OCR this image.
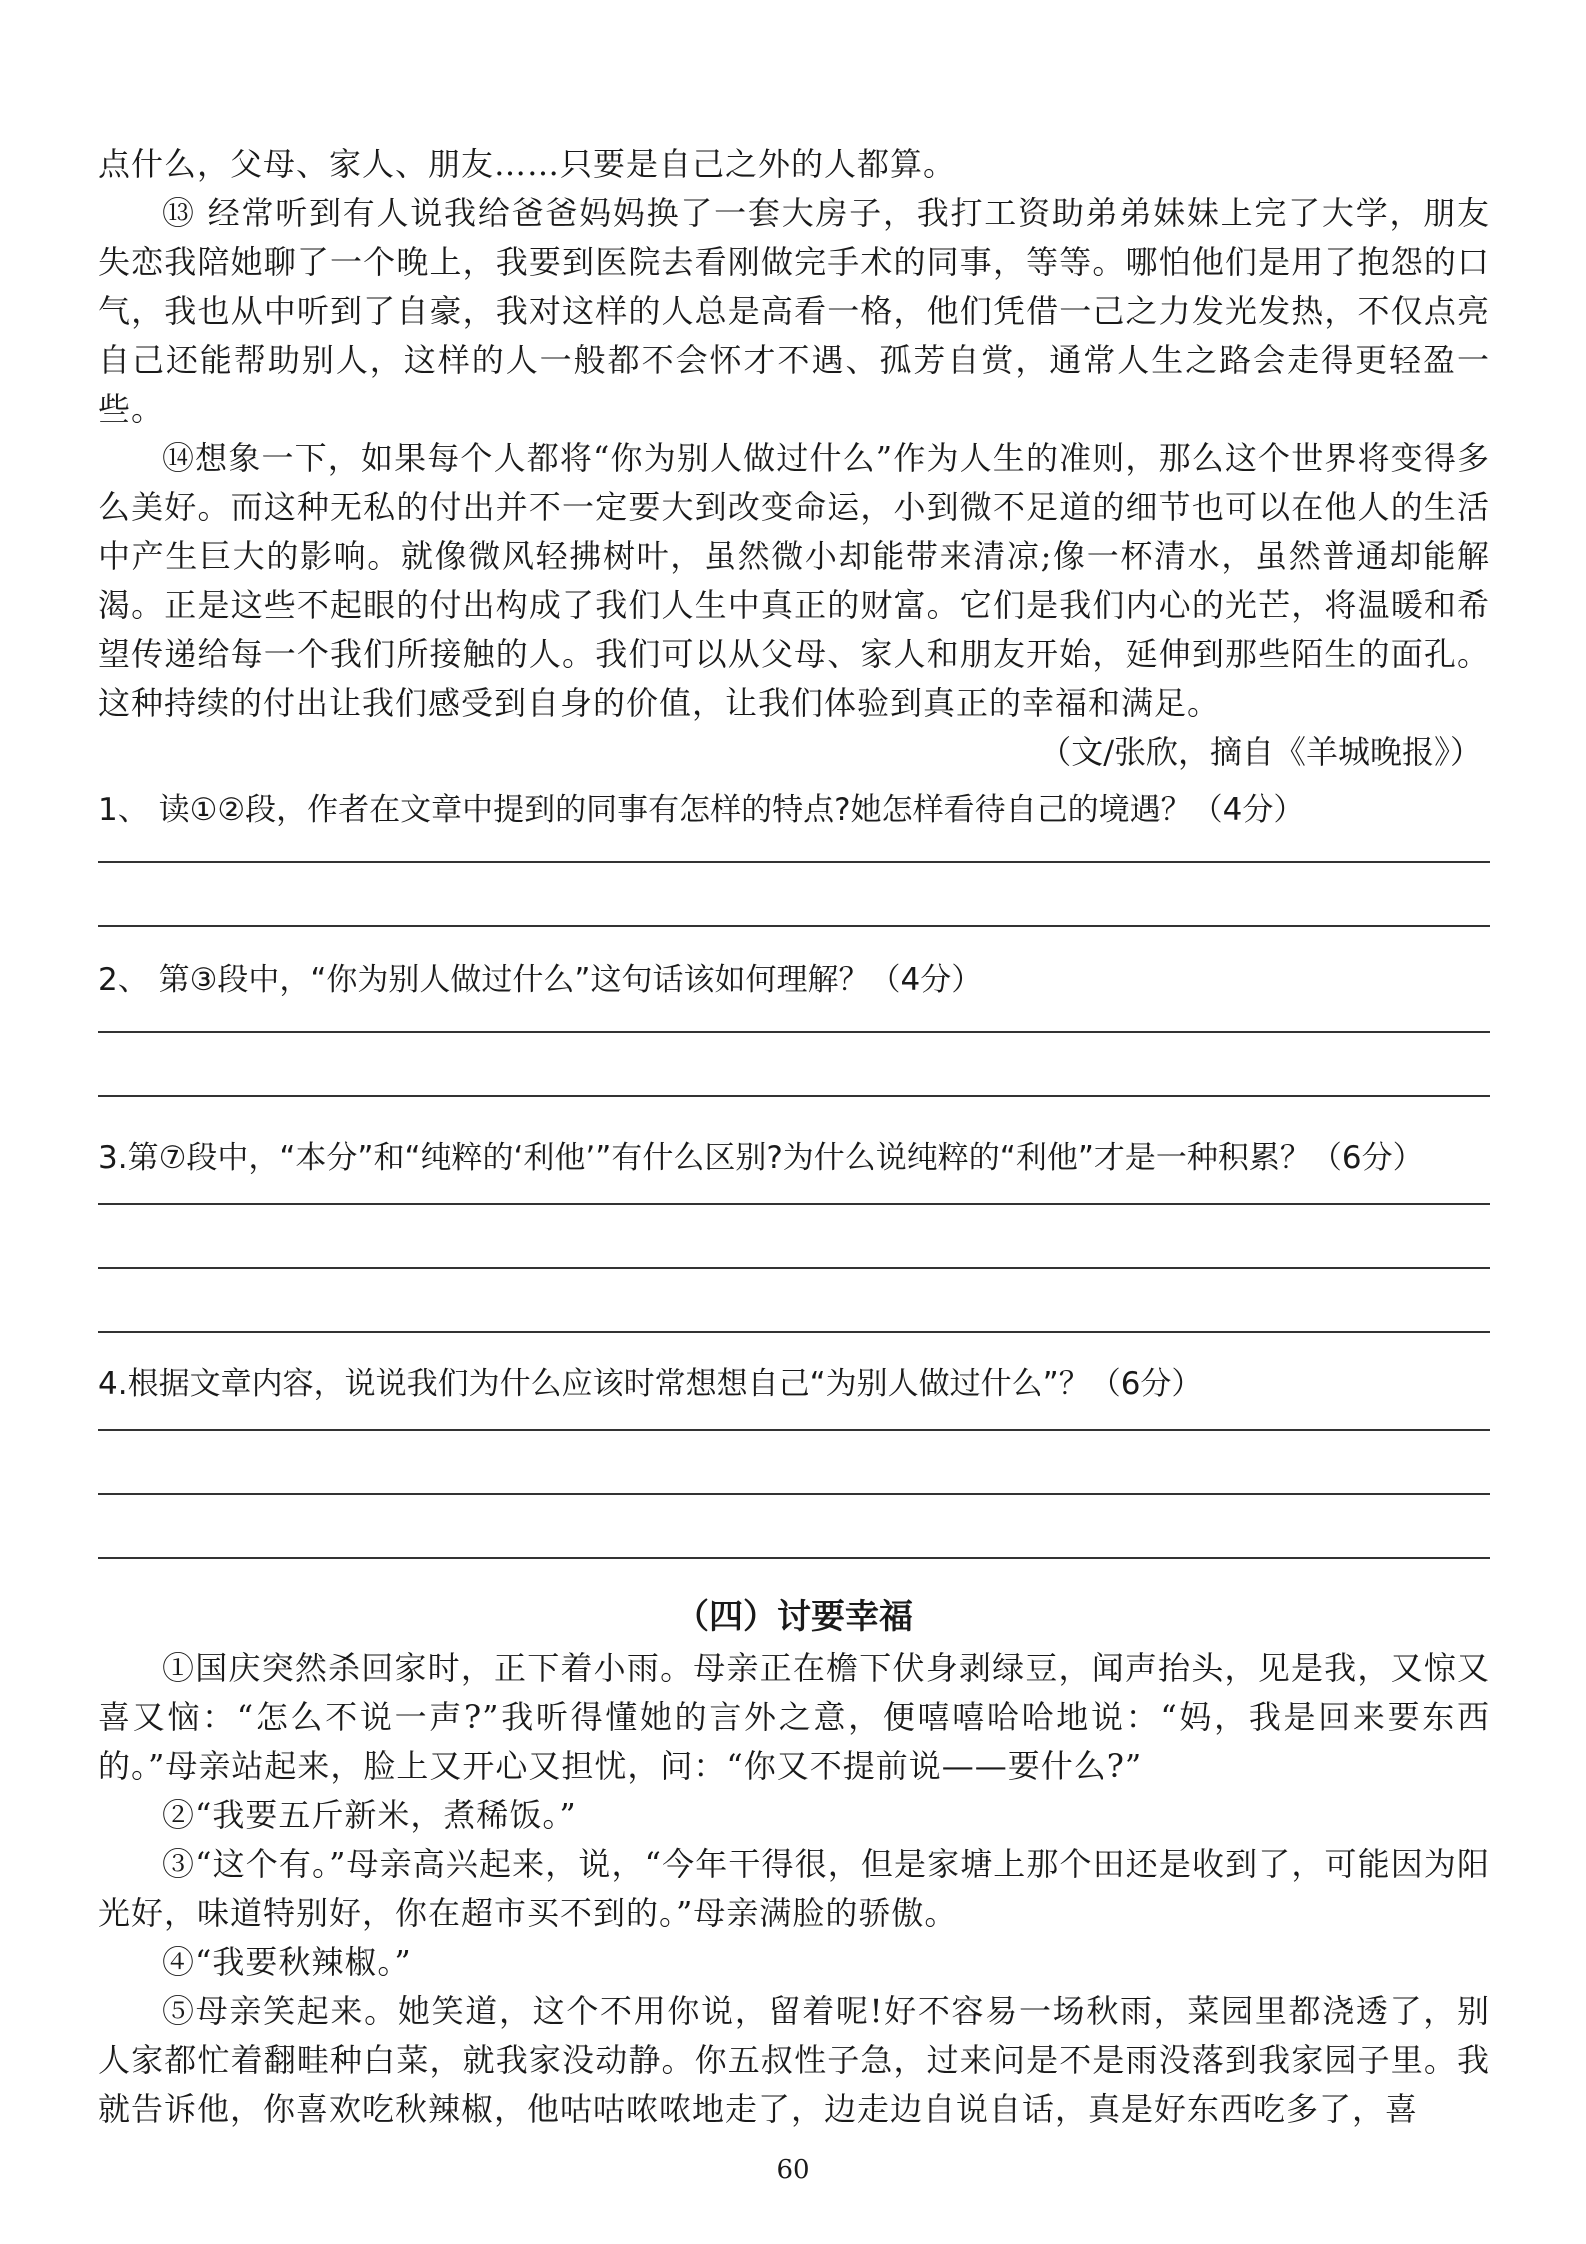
点什么，父母、家人、朋友……只要是自己之外的人都算。

⑬ 经常听到有人说我给爸爸妈妈换了一套大房子，我打工资助弟弟妹妹上完了大学，朋友失恋我陪她聊了一个晚上，我要到医院去看刚做完手术的同事，等等。哪怕他们是用了抱怨的口气，我也从中听到了自豪，我对这样的人总是高看一格，他们凭借一己之力发光发热，不仅点亮自己还能帮助别人，这样的人一般都不会怀才不遇、孤芳自赏，通常人生之路会走得更轻盈一些。

⑭想象一下，如果每个人都将“你为别人做过什么”作为人生的准则，那么这个世界将变得多么美好。而这种无私的付出并不一定要大到改变命运，小到微不足道的细节也可以在他人的生活中产生巨大的影响。就像微风轻拂树叶，虽然微小却能带来清凉;像一杯清水，虽然普通却能解渴。正是这些不起眼的付出构成了我们人生中真正的财富。它们是我们内心的光芒，将温暖和希望传递给每一个我们所接触的人。我们可以从父母、家人和朋友开始，延伸到那些陌生的面孔。这种持续的付出让我们感受到自身的价值，让我们体验到真正的幸福和满足。

（文/张欣，摘自《羊城晚报》）

1、 读①②段，作者在文章中提到的同事有怎样的特点?她怎样看待自己的境遇？（4分）

2、 第③段中，“你为别人做过什么”这句话该如何理解？（4分）

3.第⑦段中，“本分”和“纯粹的‘利他’”有什么区别?为什么说纯粹的“利他”才是一种积累？（6分）

4.根据文章内容，说说我们为什么应该时常想想自己“为别人做过什么”？（6分）

（四）讨要幸福

①国庆突然杀回家时，正下着小雨。母亲正在檐下伏身剥绿豆，闻声抬头，见是我，又惊又喜又恼：“怎么不说一声?”我听得懂她的言外之意，便嘻嘻哈哈地说：“妈，我是回来要东西的。”母亲站起来，脸上又开心又担忧，问：“你又不提前说——要什么?”

②“我要五斤新米，煮稀饭。”

③“这个有。”母亲高兴起来，说，“今年干得很，但是家塘上那个田还是收到了，可能因为阳光好，味道特别好，你在超市买不到的。”母亲满脸的骄傲。

④“我要秋辣椒。”

⑤母亲笑起来。她笑道，这个不用你说，留着呢!好不容易一场秋雨，菜园里都浇透了，别人家都忙着翻畦种白菜，就我家没动静。你五叔性子急，过来问是不是雨没落到我家园子里。我就告诉他，你喜欢吃秋辣椒，他咕咕哝哝地走了，边走边自说自话，真是好东西吃多了，喜

60
